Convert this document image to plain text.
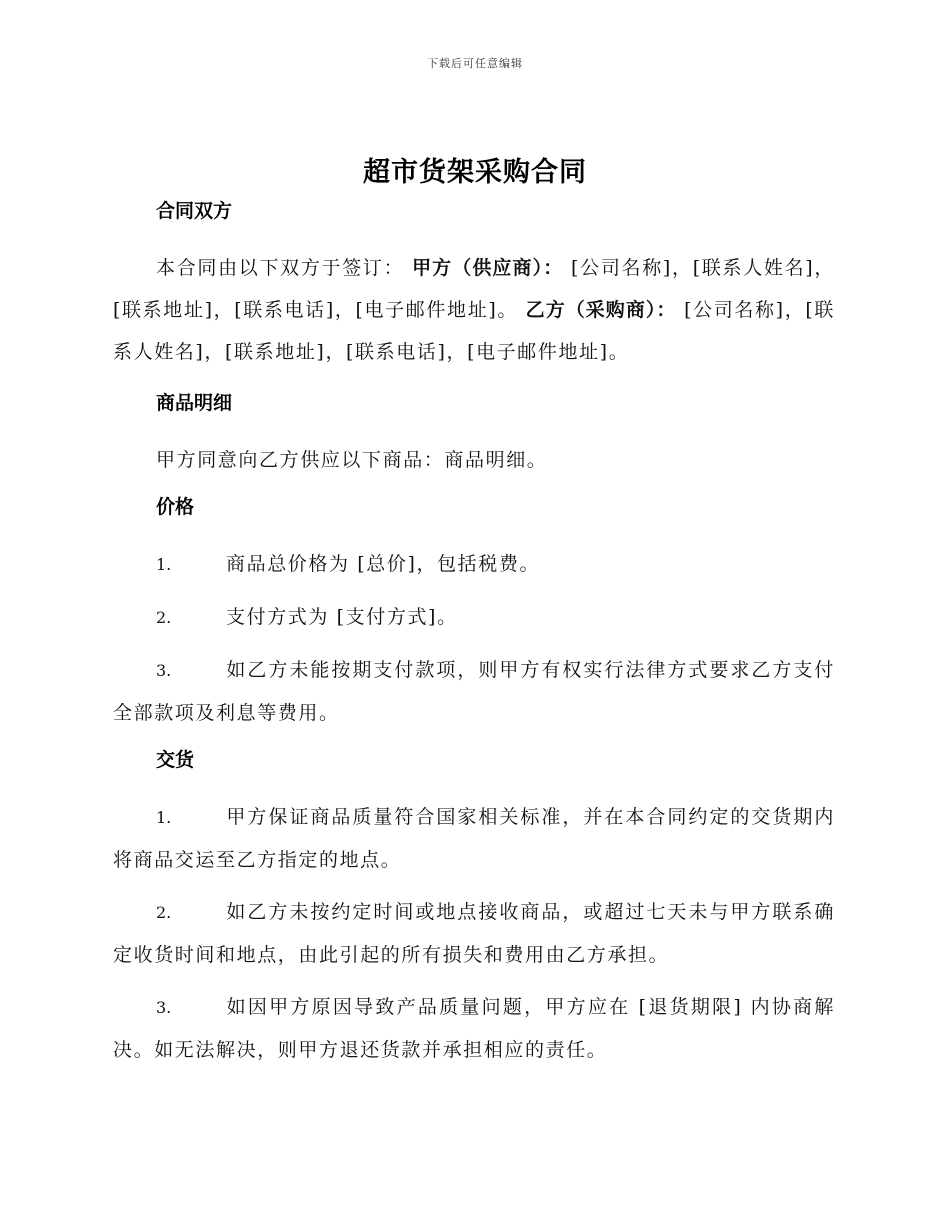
下载后可任意编辑
超市货架采购合同
合同双方

本合同由以下双方于签订： 甲方（供应商）： [公司名称]，[联系人姓名]，[联系地址]，[联系电话]，[电子邮件地址]。 乙方（采购商）： [公司名称]，[联系人姓名]，[联系地址]，[联系电话]，[电子邮件地址]。

商品明细

甲方同意向乙方供应以下商品：商品明细。

价格

1.	商品总价格为 [总价]，包括税费。

2.	支付方式为 [支付方式]。

3.	如乙方未能按期支付款项，则甲方有权实行法律方式要求乙方支付全部款项及利息等费用。

交货

1.	甲方保证商品质量符合国家相关标准，并在本合同约定的交货期内将商品交运至乙方指定的地点。

2.	如乙方未按约定时间或地点接收商品，或超过七天未与甲方联系确定收货时间和地点，由此引起的所有损失和费用由乙方承担。

3.	如因甲方原因导致产品质量问题，甲方应在 [退货期限] 内协商解决。如无法解决，则甲方退还货款并承担相应的责任。
